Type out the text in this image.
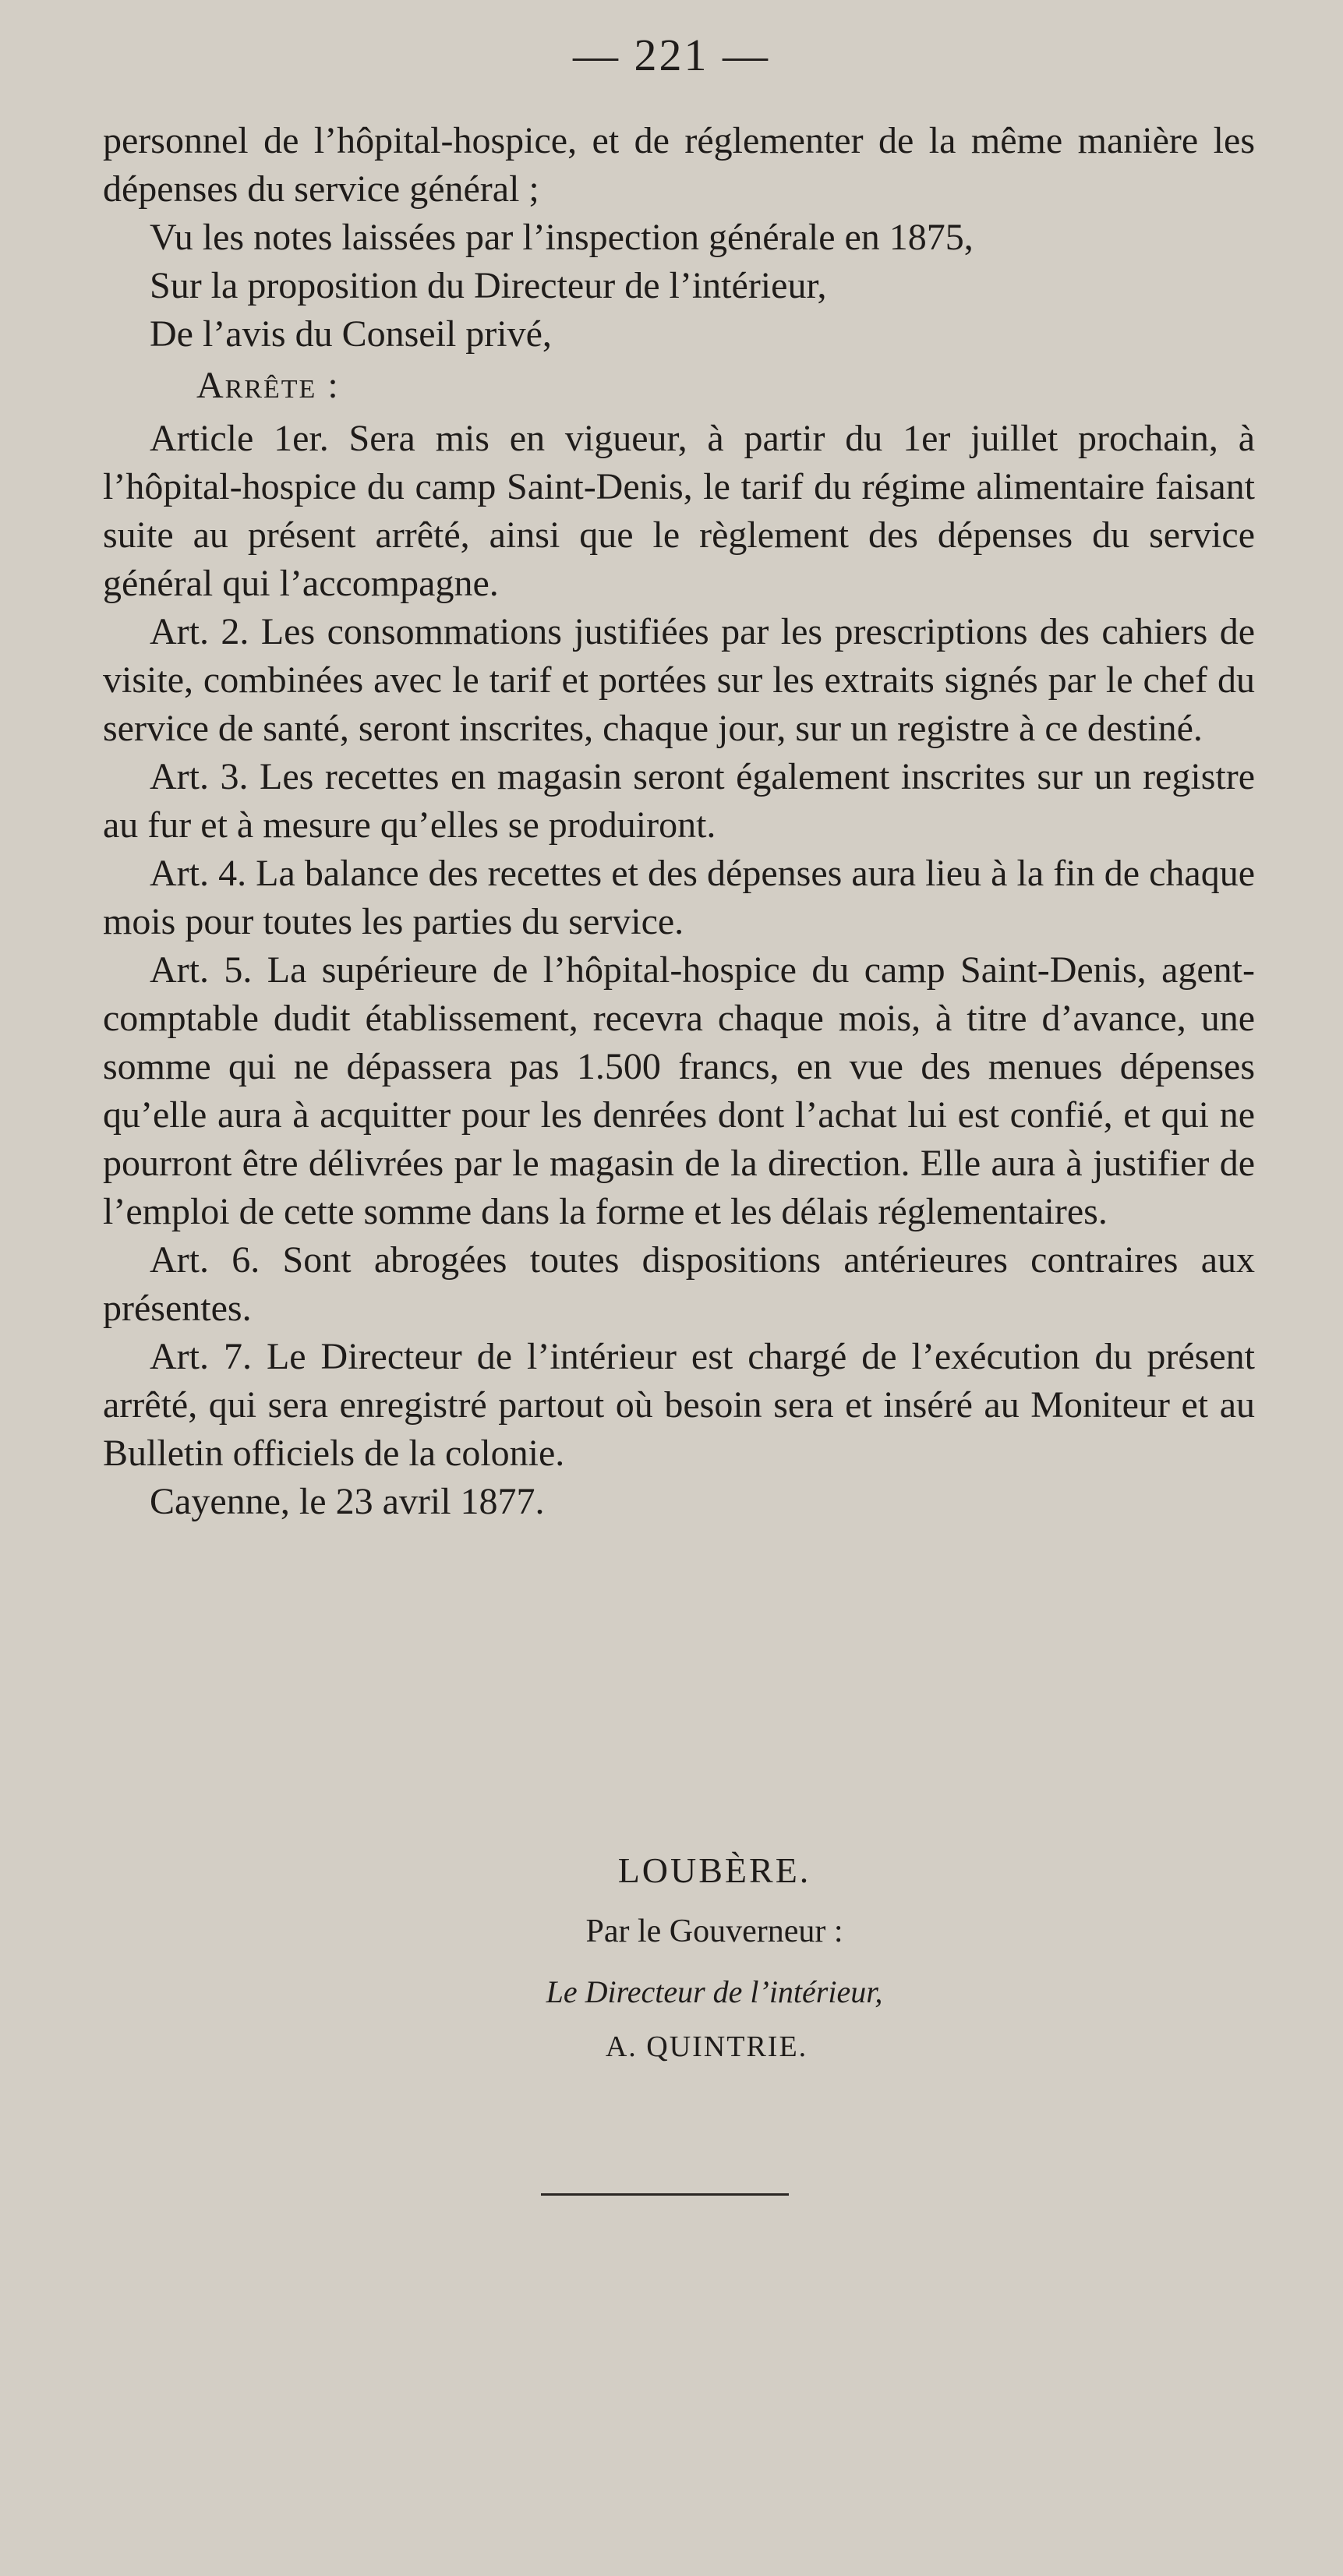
— 221 —

personnel de l’hôpital-hospice, et de réglementer de la même manière les dépenses du service général ;

Vu les notes laissées par l’inspection générale en 1875,

Sur la proposition du Directeur de l’intérieur,

De l’avis du Conseil privé,

Arrête :

Article 1er. Sera mis en vigueur, à partir du 1er juillet prochain, à l’hôpital-hospice du camp Saint-Denis, le tarif du régime alimentaire faisant suite au présent arrêté, ainsi que le règlement des dépenses du service général qui l’accompagne.

Art. 2. Les consommations justifiées par les prescriptions des cahiers de visite, combinées avec le tarif et portées sur les extraits signés par le chef du service de santé, seront inscrites, chaque jour, sur un registre à ce destiné.

Art. 3. Les recettes en magasin seront également inscrites sur un registre au fur et à mesure qu’elles se produiront.

Art. 4. La balance des recettes et des dépenses aura lieu à la fin de chaque mois pour toutes les parties du service.

Art. 5. La supérieure de l’hôpital-hospice du camp Saint-Denis, agent-comptable dudit établissement, recevra chaque mois, à titre d’avance, une somme qui ne dépassera pas 1.500 francs, en vue des menues dépenses qu’elle aura à acquitter pour les denrées dont l’achat lui est confié, et qui ne pourront être délivrées par le magasin de la direction. Elle aura à justifier de l’emploi de cette somme dans la forme et les délais réglementaires.

Art. 6. Sont abrogées toutes dispositions antérieures contraires aux présentes.

Art. 7. Le Directeur de l’intérieur est chargé de l’exécution du présent arrêté, qui sera enregistré partout où besoin sera et inséré au Moniteur et au Bulletin officiels de la colonie.

Cayenne, le 23 avril 1877.

LOUBÈRE.
Par le Gouverneur :
Le Directeur de l’intérieur,
A. QUINTRIE.
